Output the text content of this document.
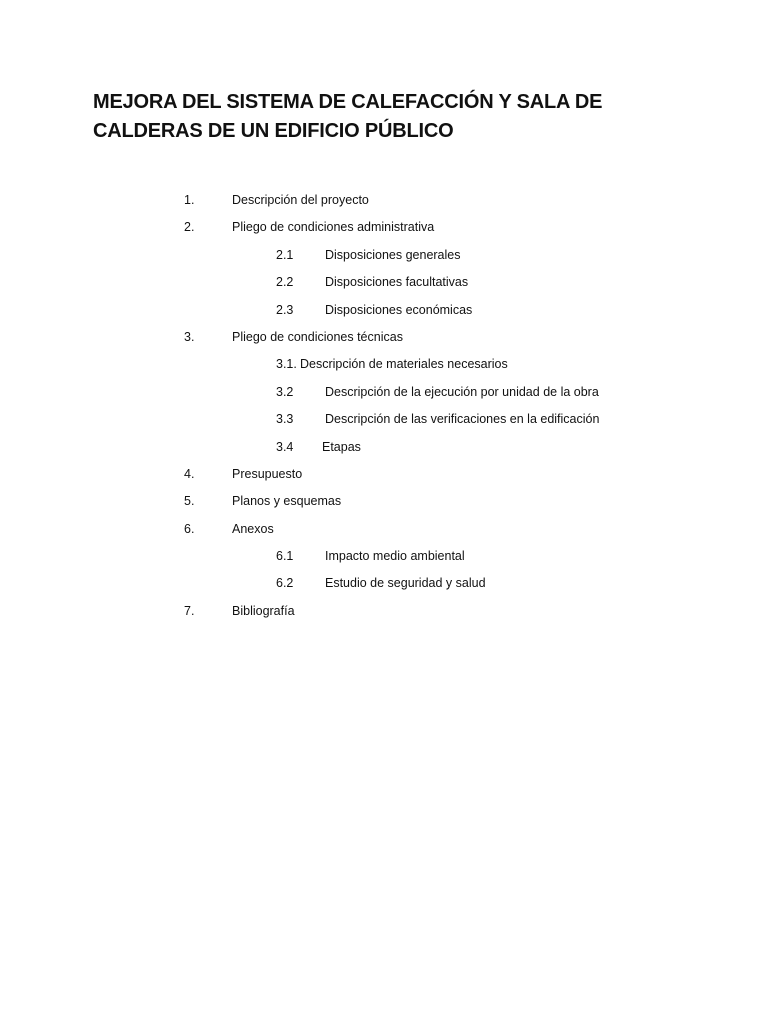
MEJORA DEL SISTEMA DE CALEFACCIÓN Y SALA DE CALDERAS DE UN EDIFICIO PÚBLICO
1.	Descripción del proyecto
2.	Pliego de condiciones administrativa
2.1	Disposiciones generales
2.2	Disposiciones facultativas
2.3	Disposiciones económicas
3.	Pliego de condiciones técnicas
3.1. Descripción de materiales necesarios
3.2	Descripción de la ejecución por unidad de la obra
3.3	Descripción de las verificaciones en la edificación
3.4 Etapas
4.	Presupuesto
5.	Planos y esquemas
6.	Anexos
6.1	Impacto medio ambiental
6.2	Estudio de seguridad y salud
7.	Bibliografía
